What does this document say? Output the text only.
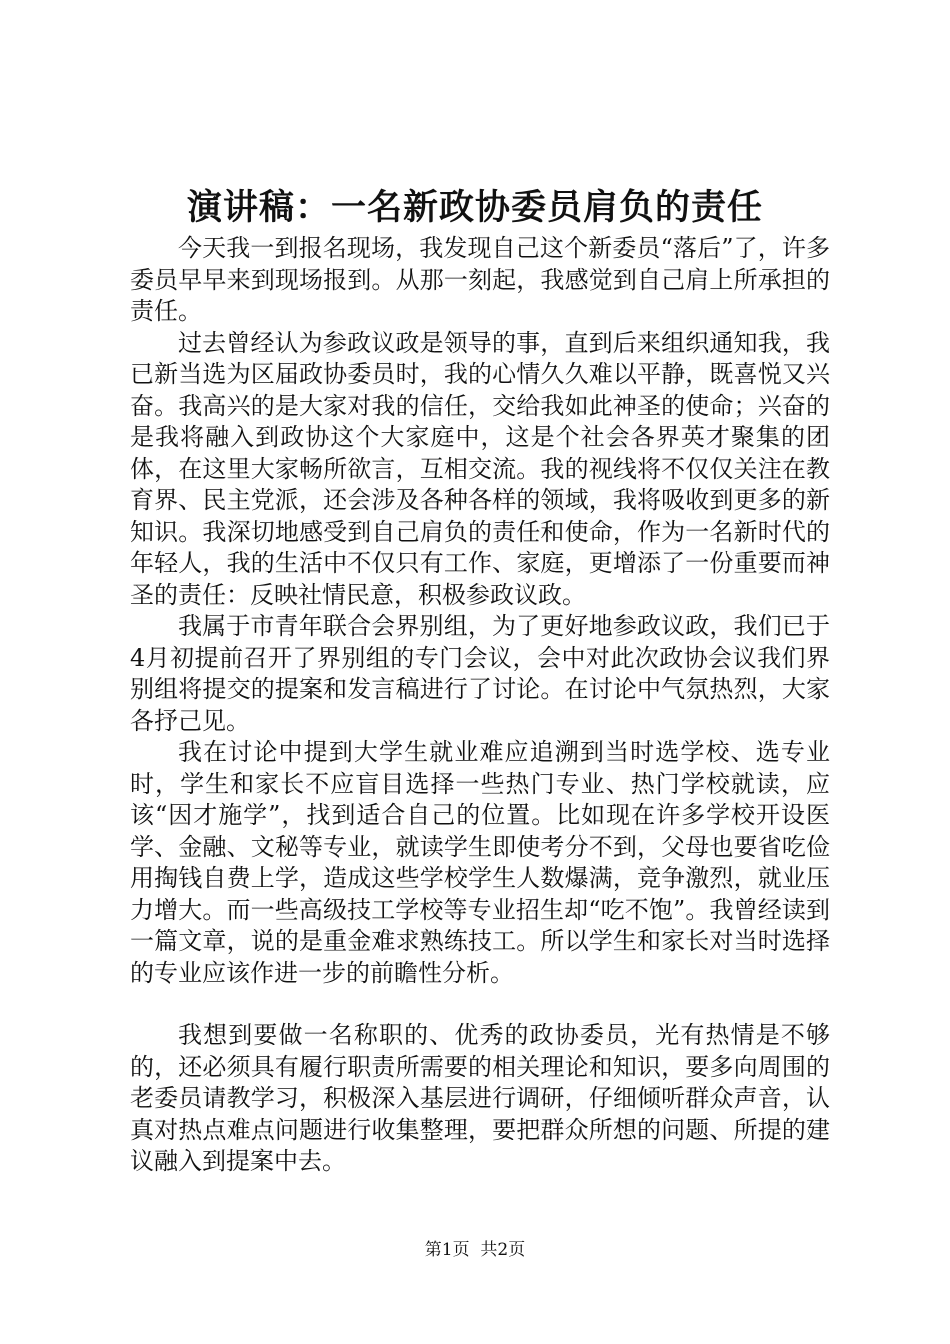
演讲稿：一名新政协委员肩负的责任

今天我一到报名现场，我发现自己这个新委员“落后”了，许多委员早早来到现场报到。从那一刻起，我感觉到自己肩上所承担的责任。

过去曾经认为参政议政是领导的事，直到后来组织通知我，我已新当选为区届政协委员时，我的心情久久难以平静，既喜悦又兴奋。我高兴的是大家对我的信任，交给我如此神圣的使命；兴奋的是我将融入到政协这个大家庭中，这是个社会各界英才聚集的团体，在这里大家畅所欲言，互相交流。我的视线将不仅仅关注在教育界、民主党派，还会涉及各种各样的领域，我将吸收到更多的新知识。我深切地感受到自己肩负的责任和使命，作为一名新时代的年轻人，我的生活中不仅只有工作、家庭，更增添了一份重要而神圣的责任：反映社情民意，积极参政议政。

我属于市青年联合会界别组，为了更好地参政议政，我们已于4月初提前召开了界别组的专门会议，会中对此次政协会议我们界别组将提交的提案和发言稿进行了讨论。在讨论中气氛热烈，大家各抒己见。

我在讨论中提到大学生就业难应追溯到当时选学校、选专业时，学生和家长不应盲目选择一些热门专业、热门学校就读，应该“因才施学”，找到适合自己的位置。比如现在许多学校开设医学、金融、文秘等专业，就读学生即使考分不到，父母也要省吃俭用掏钱自费上学，造成这些学校学生人数爆满，竞争激烈，就业压力增大。而一些高级技工学校等专业招生却“吃不饱”。我曾经读到一篇文章，说的是重金难求熟练技工。所以学生和家长对当时选择的专业应该作进一步的前瞻性分析。

我想到要做一名称职的、优秀的政协委员，光有热情是不够的，还必须具有履行职责所需要的相关理论和知识，要多向周围的老委员请教学习，积极深入基层进行调研，仔细倾听群众声音，认真对热点难点问题进行收集整理，要把群众所想的问题、所提的建议融入到提案中去。

第1页  共2页
